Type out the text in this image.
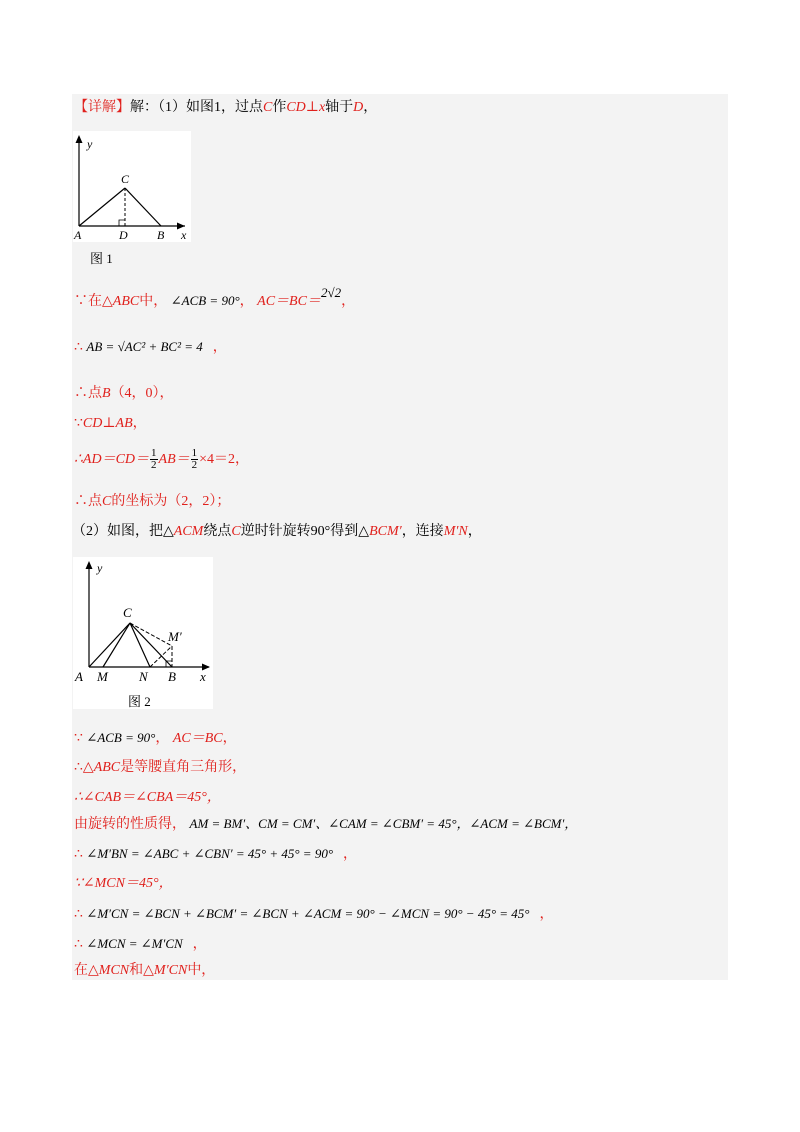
【详解】解：（1）如图1，过点C作CD⊥x轴于D，
y
x
A	D B
C
图 1
∵在△ABC中， ∠ACB = 90°， AC＝BC＝2√2，
∴ AB = √AC² + BC² = 4 ，
∴点B（4，0），
∵CD⊥AB，
∴AD＝CD＝ $\frac{1}{2} AB= \frac{1}{2} \times 4=2$，
∴点C的坐标为（2，2）；
（2）如图，把△ACM绕点C逆时针旋转90°得到△BCM′，连接M′N，
y
x
A M N B
C
M′
图 2
∵ ∠ACB = 90°， AC＝BC，
∴△ABC是等腰直角三角形，
∴∠CAB＝∠CBA＝45°，
由旋转的性质得， AM = BM′、CM = CM′、∠CAM = ∠CBM′ = 45°，∠ACM = ∠BCM′，
∴ ∠M′BN = ∠ABC + ∠CBN′ = 45° + 45° = 90° ，
∵∠MCN＝45°，
∴ ∠M′CN = ∠BCN + ∠BCM′ = ∠BCN + ∠ACM = 90° − ∠MCN = 90° − 45° = 45° ，
∴ ∠MCN = ∠M′CN ，
在△MCN和△M′CN中，
